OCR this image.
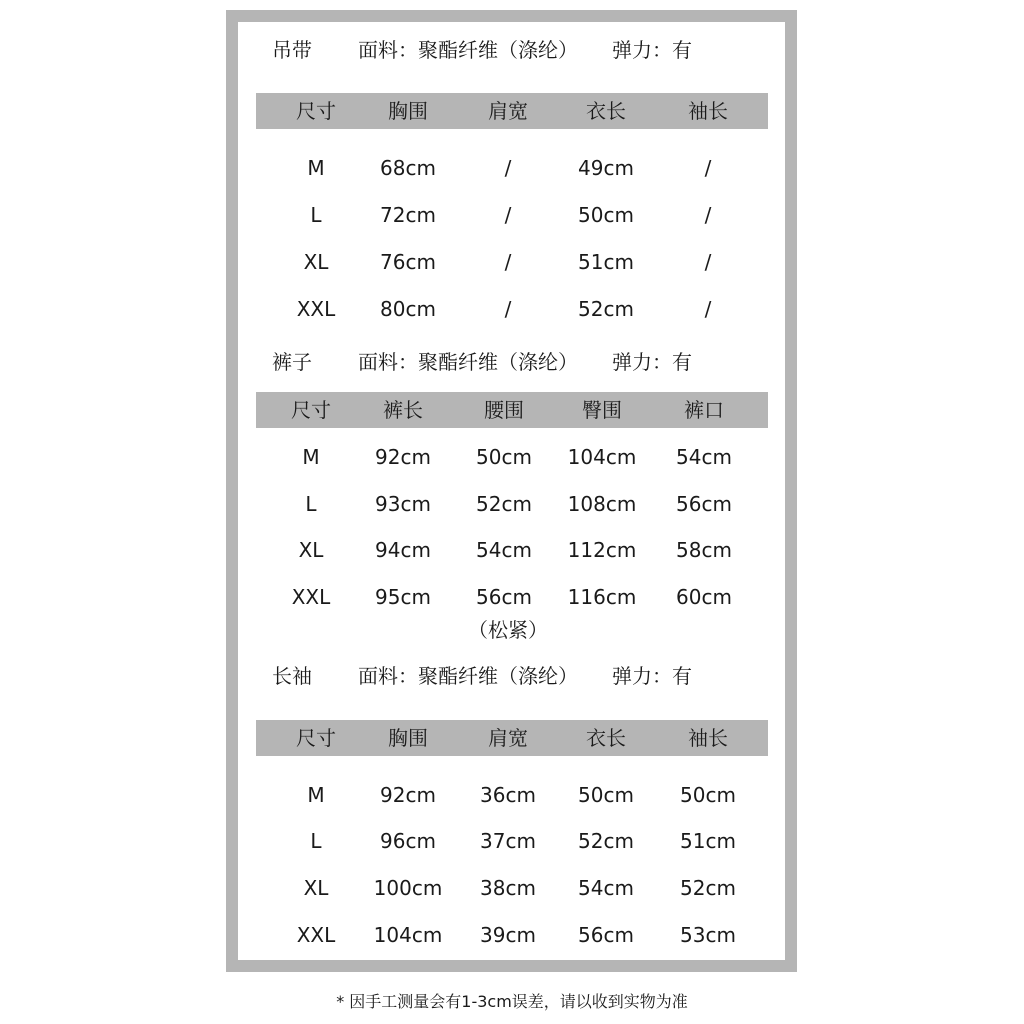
吊带 面料：聚酯纤维（涤纶） 弹力：有
尺寸	胸围	肩宽	衣长	袖长
M	68cm	/	49cm	/
L	72cm	/	50cm	/
XL	76cm	/	51cm	/
XXL	80cm	/	52cm	/
裤子 面料：聚酯纤维（涤纶） 弹力：有
尺寸	裤长	腰围	臀围	裤口
M	92cm	50cm	104cm	54cm
L	93cm	52cm	108cm	56cm
XL	94cm	54cm	112cm	58cm
XXL	95cm	56cm	116cm	60cm
（松紧）
长袖 面料：聚酯纤维（涤纶） 弹力：有
尺寸	胸围	肩宽	衣长	袖长
M	92cm	36cm	50cm	50cm
L	96cm	37cm	52cm	51cm
XL	100cm	38cm	54cm	52cm
XXL	104cm	39cm	56cm	53cm
* 因手工测量会有1-3cm误差，请以收到实物为准
